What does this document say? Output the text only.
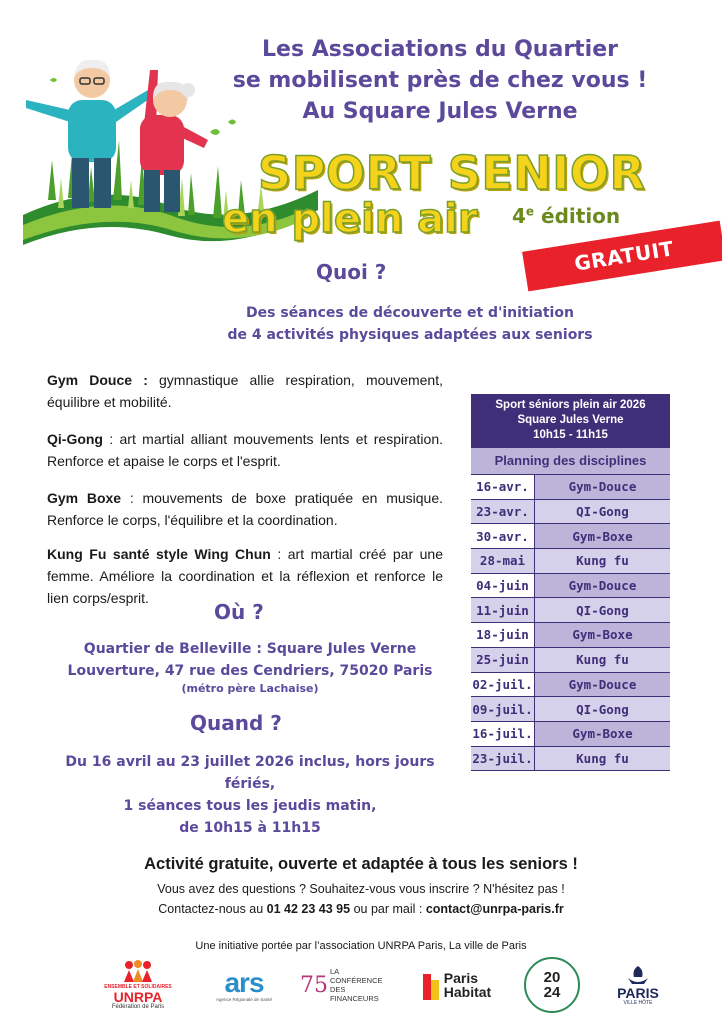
Les Associations du Quartier
se mobilisent près de chez vous !
Au Square Jules Verne
SPORT SENIOR
en plein air 4e édition
GRATUIT
Quoi ?
Des séances de découverte et d'initiation
de 4 activités physiques adaptées aux seniors
Gym Douce : gymnastique allie respiration, mouvement, équilibre et mobilité.
Qi-Gong : art martial alliant mouvements lents et respiration. Renforce et apaise le corps et l'esprit.
Gym Boxe : mouvements de boxe pratiquée en musique. Renforce le corps, l'équilibre et la coordination.
Kung Fu santé style Wing Chun : art martial créé par une femme. Améliore la coordination et la réflexion et renforce le lien corps/esprit.
Où ?
Quartier de Belleville : Square Jules Verne
Louverture, 47 rue des Cendriers, 75020 Paris
(métro père Lachaise)
Quand ?
Du 16 avril au 23 juillet 2026 inclus, hors jours
fériés,
1 séances tous les jeudis matin,
de 10h15 à 11h15
Sport séniors plein air 2026
Square Jules Verne
10h15 - 11h15
Planning des disciplines
16-avr.	Gym-Douce
23-avr.	QI-Gong
30-avr.	Gym-Boxe
28-mai	Kung fu
04-juin	Gym-Douce
11-juin	QI-Gong
18-juin	Gym-Boxe
25-juin	Kung fu
02-juil.	Gym-Douce
09-juil.	QI-Gong
16-juil.	Gym-Boxe
23-juil.	Kung fu
Activité gratuite, ouverte et adaptée à tous les seniors !
Vous avez des questions ? Souhaitez-vous vous inscrire ? N'hésitez pas !
Contactez-nous au 01 42 23 43 95 ou par mail : contact@unrpa-paris.fr
Une initiative portée par l’association UNRPA Paris, La ville de Paris
ENSEMBLE ET SOLIDAIRES
UNRPA
Fédération de Paris
ars
Agence Régionale de Santé
75
LA CONFÉRENCE
DES FINANCEURS
Paris
Habitat
20
24	PARIS
VILLE HÔTE
